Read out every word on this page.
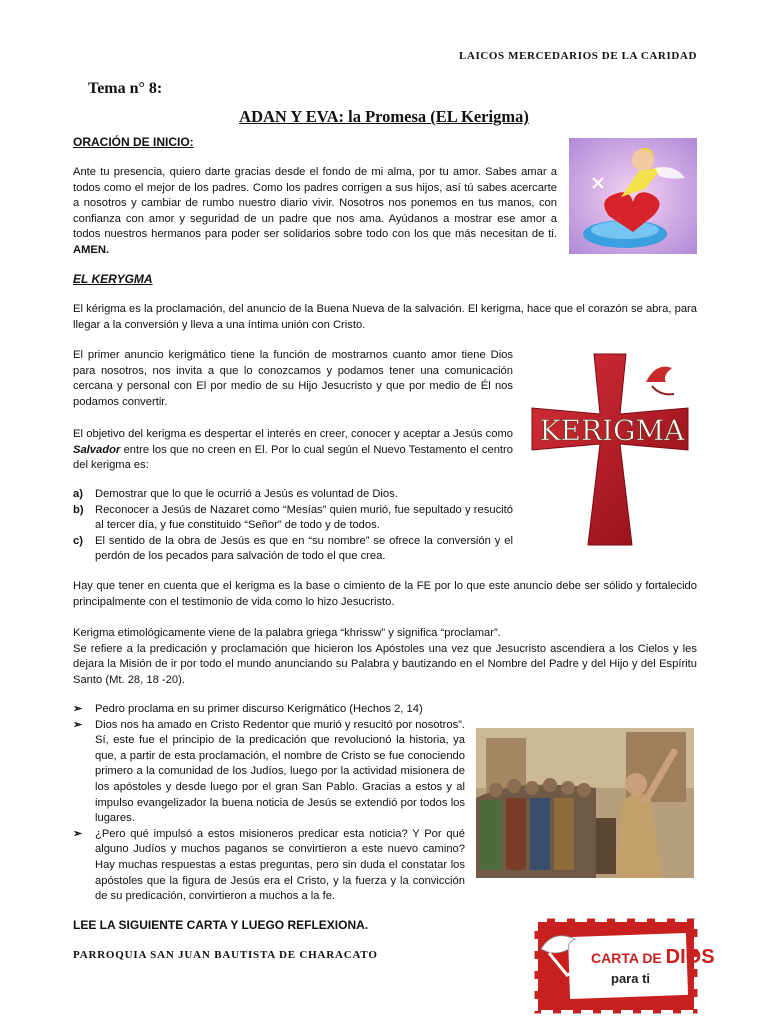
LAICOS MERCEDARIOS DE LA CARIDAD
Tema n° 8:
ADAN Y EVA: la Promesa (EL Kerigma)
ORACIÓN DE INICIO:
Ante tu presencia, quiero darte gracias desde el fondo de mi alma, por tu amor. Sabes amar a todos como el mejor de los padres. Como los padres corrigen a sus hijos, así tú sabes acercarte a nosotros y cambiar de rumbo nuestro diario vivir. Nosotros nos ponemos en tus manos, con confianza con amor y seguridad de un padre que nos ama. Ayúdanos a mostrar ese amor a todos nuestros hermanos para poder ser solidarios sobre todo con los que más necesitan de ti. AMEN.
EL KERYGMA
El kérigma es la proclamación, del anuncio de la Buena Nueva de la salvación. El kerigma, hace que el corazón se abra, para llegar a la conversión y lleva a una íntima unión con Cristo.
El primer anuncio kerigmático tiene la función de mostrarnos cuanto amor tiene Dios para nosotros, nos invita a que lo conozcamos y podamos tener una comunicación cercana y personal con El por medio de su Hijo Jesucristo y que por medio de Él nos podamos convertir.
El objetivo del kerigma es despertar el interés en creer, conocer y aceptar a Jesús como Salvador entre los que no creen en El. Por lo cual según el Nuevo Testamento el centro del kerigma es:
a) Demostrar que lo que le ocurrió a Jesús es voluntad de Dios.
b) Reconocer a Jesús de Nazaret como “Mesías” quien murió, fue sepultado y resucitó al tercer día, y fue constituido “Señor” de todo y de todos.
c) El sentido de la obra de Jesús es que en “su nombre” se ofrece la conversión y el perdón de los pecados para salvación de todo el que crea.
KERIGMA
Hay que tener en cuenta que el kerigma es la base o cimiento de la FE por lo que este anuncio debe ser sólido y fortalecido principalmente con el testimonio de vida como lo hizo Jesucristo.
Kerigma etimológicamente viene de la palabra griega “khrissw” y significa “proclamar”.
Se refiere a la predicación y proclamación que hicieron los Apóstoles una vez que Jesucristo ascendiera a los Cielos y les dejara la Misión de ir por todo el mundo anunciando su Palabra y bautizando en el Nombre del Padre y del Hijo y del Espíritu Santo (Mt. 28, 18 -20).
➢ Pedro proclama en su primer discurso Kerigmático (Hechos 2, 14)
➢ Dios nos ha amado en Cristo Redentor que murió y resucitó por nosotros”. Sí, este fue el principio de la predicación que revolucionó la historia, ya que, a partir de esta proclamación, el nombre de Cristo se fue conociendo primero a la comunidad de los Judíos, luego por la actividad misionera de los apóstoles y desde luego por el gran San Pablo. Gracias a estos y al impulso evangelizador la buena noticia de Jesús se extendió por todos los lugares.
➢ ¿Pero qué impulsó a estos misioneros predicar esta noticia? Y Por qué alguno Judíos y muchos paganos se convirtieron a este nuevo camino? Hay muchas respuestas a estas preguntas, pero sin duda el constatar los apóstoles que la figura de Jesús era el Cristo, y la fuerza y la convicción de su predicación, convirtieron a muchos a la fe.
LEE LA SIGUIENTE CARTA Y LUEGO REFLEXIONA.
PARROQUIA SAN JUAN BAUTISTA DE CHARACATO	CARTA DE DIOS
para ti
